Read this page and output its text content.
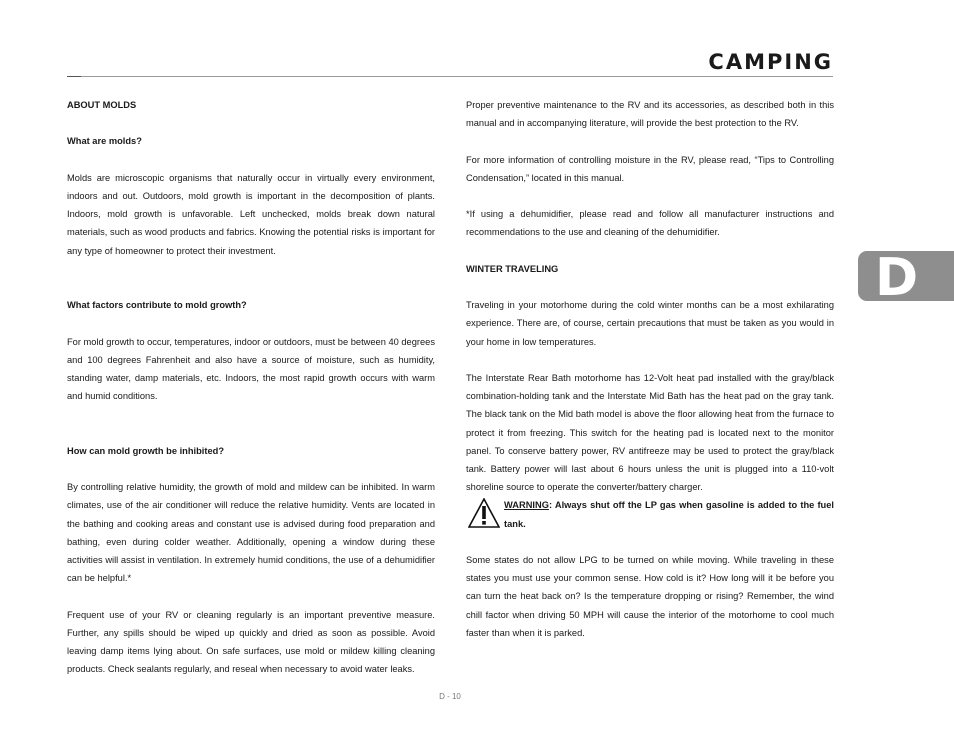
CAMPING
D

ABOUT MOLDS

What are molds?

Molds are microscopic organisms that naturally occur in virtually every environment, indoors and out. Outdoors, mold growth is important in the decomposition of plants. Indoors, mold growth is unfavorable. Left unchecked, molds break down natural materials, such as wood products and fabrics. Knowing the potential risks is important for any type of homeowner to protect their investment.

What factors contribute to mold growth?

For mold growth to occur, temperatures, indoor or outdoors, must be between 40 degrees and 100 degrees Fahrenheit and also have a source of moisture, such as humidity, standing water, damp materials, etc. Indoors, the most rapid growth occurs with warm and humid conditions.

How can mold growth be inhibited?

By controlling relative humidity, the growth of mold and mildew can be inhibited. In warm climates, use of the air conditioner will reduce the relative humidity. Vents are located in the bathing and cooking areas and constant use is advised during food preparation and bathing, even during colder weather. Additionally, opening a window during these activities will assist in ventilation. In extremely humid conditions, the use of a dehumidifier can be helpful.*

Frequent use of your RV or cleaning regularly is an important preventive measure. Further, any spills should be wiped up quickly and dried as soon as possible. Avoid leaving damp items lying about. On safe surfaces, use mold or mildew killing cleaning products. Check sealants regularly, and reseal when necessary to avoid water leaks.

Proper preventive maintenance to the RV and its accessories, as described both in this manual and in accompanying literature, will provide the best protection to the RV.

For more information of controlling moisture in the RV, please read, “Tips to Controlling Condensation,” located in this manual.

*If using a dehumidifier, please read and follow all manufacturer instructions and recommendations to the use and cleaning of the dehumidifier.

WINTER TRAVELING

Traveling in your motorhome during the cold winter months can be a most exhilarating experience. There are, of course, certain precautions that must be taken as you would in your home in low temperatures.

The Interstate Rear Bath motorhome has 12-Volt heat pad installed with the gray/black combination-holding tank and the Interstate Mid Bath has the heat pad on the gray tank. The black tank on the Mid bath model is above the floor allowing heat from the furnace to protect it from freezing. This switch for the heating pad is located next to the monitor panel. To conserve battery power, RV antifreeze may be used to protect the gray/black tank. Battery power will last about 6 hours unless the unit is plugged into a 110-volt shoreline source to operate the converter/battery charger.

WARNING: Always shut off the LP gas when gasoline is added to the fuel tank.

Some states do not allow LPG to be turned on while moving. While traveling in these states you must use your common sense. How cold is it? How long will it be before you can turn the heat back on? Is the temperature dropping or rising? Remember, the wind chill factor when driving 50 MPH will cause the interior of the motorhome to cool much faster than when it is parked.

D - 10
